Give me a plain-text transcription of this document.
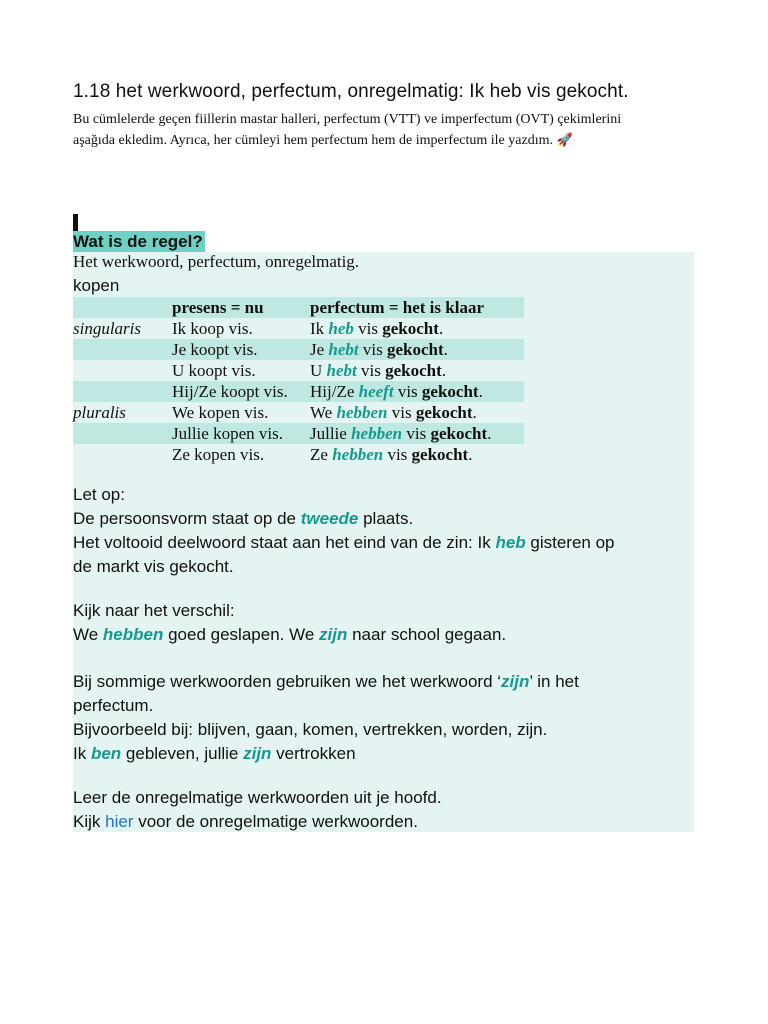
1.18 het werkwoord, perfectum, onregelmatig: Ik heb vis gekocht.
Bu cümlelerde geçen fiillerin mastar halleri, perfectum (VTT) ve imperfectum (OVT) çekimlerini
aşağıda ekledim. Ayrıca, her cümleyi hem perfectum hem de imperfectum ile yazdım. 🚀
Wat is de regel?
Het werkwoord, perfectum, onregelmatig.
kopen
	presens = nu	perfectum = het is klaar
singularis	Ik koop vis.	Ik heb vis gekocht.
	Je koopt vis.	Je hebt vis gekocht.
	U koopt vis.	U hebt vis gekocht.
	Hij/Ze koopt vis.	Hij/Ze heeft vis gekocht.
pluralis	We kopen vis.	We hebben vis gekocht.
	Jullie kopen vis.	Jullie hebben vis gekocht.
	Ze kopen vis.	Ze hebben vis gekocht.
Let op:
De persoonsvorm staat op de tweede plaats.
Het voltooid deelwoord staat aan het eind van de zin: Ik heb gisteren op
de markt vis gekocht.
Kijk naar het verschil:
We hebben goed geslapen. We zijn naar school gegaan.
Bij sommige werkwoorden gebruiken we het werkwoord ‘zijn’ in het
perfectum.
Bijvoorbeeld bij: blijven, gaan, komen, vertrekken, worden, zijn.
Ik ben gebleven, jullie zijn vertrokken
Leer de onregelmatige werkwoorden uit je hoofd.
Kijk hier voor de onregelmatige werkwoorden.
